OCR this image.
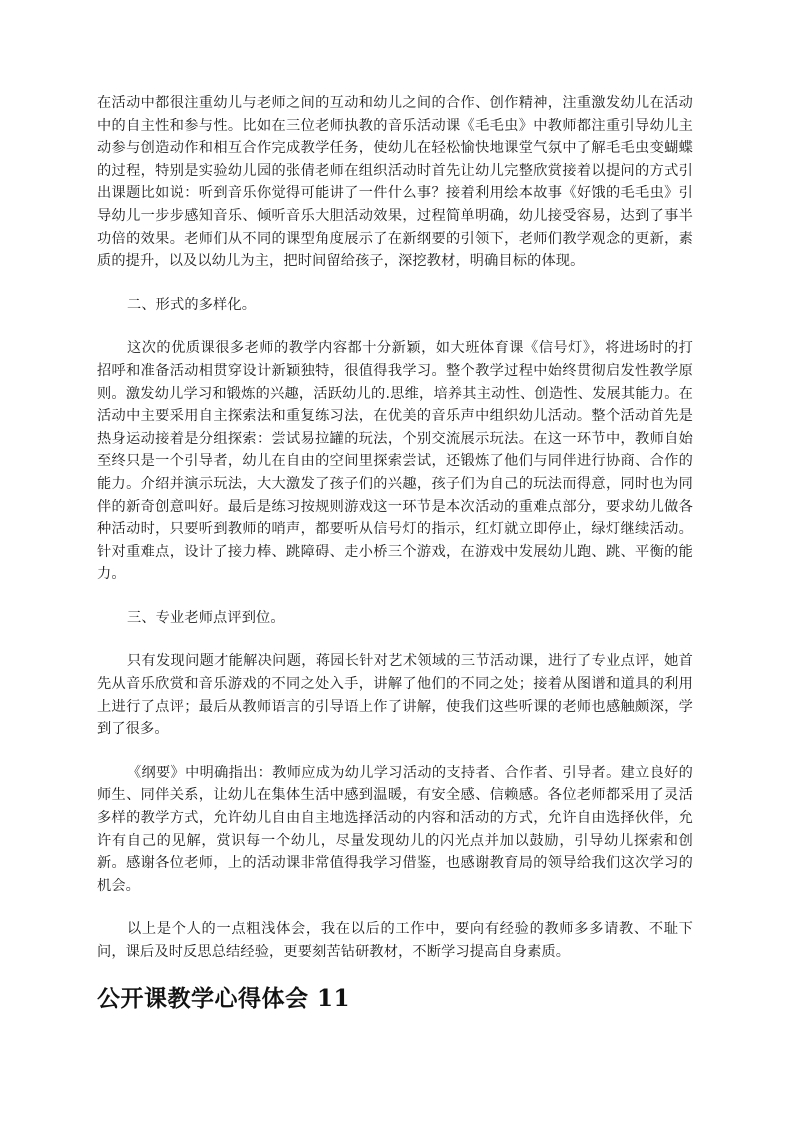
在活动中都很注重幼儿与老师之间的互动和幼儿之间的合作、创作精神，注重激发幼儿在活动中的自主性和参与性。比如在三位老师执教的音乐活动课《毛毛虫》中教师都注重引导幼儿主动参与创造动作和相互合作完成教学任务，使幼儿在轻松愉快地课堂气氛中了解毛毛虫变蝴蝶的过程，特别是实验幼儿园的张倩老师在组织活动时首先让幼儿完整欣赏接着以提问的方式引出课题比如说：听到音乐你觉得可能讲了一件什么事？接着利用绘本故事《好饿的毛毛虫》引导幼儿一步步感知音乐、倾听音乐大胆活动效果，过程简单明确，幼儿接受容易，达到了事半功倍的效果。老师们从不同的课型角度展示了在新纲要的引领下，老师们教学观念的更新，素质的提升，以及以幼儿为主，把时间留给孩子，深挖教材，明确目标的体现。

二、形式的多样化。

这次的优质课很多老师的教学内容都十分新颖，如大班体育课《信号灯》，将进场时的打招呼和准备活动相贯穿设计新颖独特，很值得我学习。整个教学过程中始终贯彻启发性教学原则。激发幼儿学习和锻炼的兴趣，活跃幼儿的.思维，培养其主动性、创造性、发展其能力。在活动中主要采用自主探索法和重复练习法，在优美的音乐声中组织幼儿活动。整个活动首先是热身运动接着是分组探索：尝试易拉罐的玩法，个别交流展示玩法。在这一环节中，教师自始至终只是一个引导者，幼儿在自由的空间里探索尝试，还锻炼了他们与同伴进行协商、合作的能力。介绍并演示玩法，大大激发了孩子们的兴趣，孩子们为自己的玩法而得意，同时也为同伴的新奇创意叫好。最后是练习按规则游戏这一环节是本次活动的重难点部分，要求幼儿做各种活动时，只要听到教师的哨声，都要听从信号灯的指示，红灯就立即停止，绿灯继续活动。针对重难点，设计了接力棒、跳障碍、走小桥三个游戏，在游戏中发展幼儿跑、跳、平衡的能力。

三、专业老师点评到位。

只有发现问题才能解决问题，蒋园长针对艺术领域的三节活动课，进行了专业点评，她首先从音乐欣赏和音乐游戏的不同之处入手，讲解了他们的不同之处；接着从图谱和道具的利用上进行了点评；最后从教师语言的引导语上作了讲解，使我们这些听课的老师也感触颇深，学到了很多。

《纲要》中明确指出：教师应成为幼儿学习活动的支持者、合作者、引导者。建立良好的师生、同伴关系，让幼儿在集体生活中感到温暖，有安全感、信赖感。各位老师都采用了灵活多样的教学方式，允许幼儿自由自主地选择活动的内容和活动的方式，允许自由选择伙伴，允许有自己的见解，赏识每一个幼儿，尽量发现幼儿的闪光点并加以鼓励，引导幼儿探索和创新。感谢各位老师，上的活动课非常值得我学习借鉴，也感谢教育局的领导给我们这次学习的机会。

以上是个人的一点粗浅体会，我在以后的工作中，要向有经验的教师多多请教、不耻下问，课后及时反思总结经验，更要刻苦钻研教材，不断学习提高自身素质。

公开课教学心得体会 11
